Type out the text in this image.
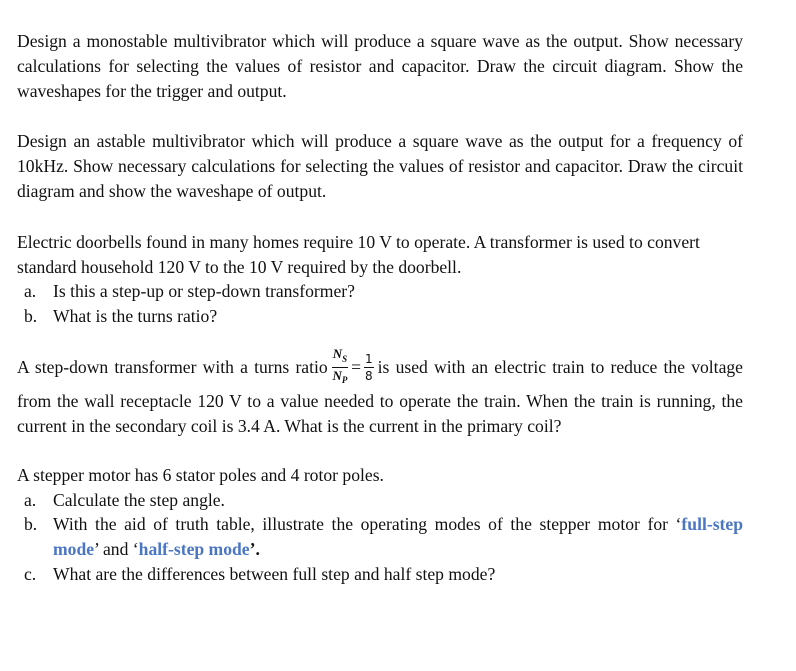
Design a monostable multivibrator which will produce a square wave as the output. Show necessary calculations for selecting the values of resistor and capacitor. Draw the circuit diagram. Show the waveshapes for the trigger and output.

Design an astable multivibrator which will produce a square wave as the output for a frequency of 10kHz. Show necessary calculations for selecting the values of resistor and capacitor. Draw the circuit diagram and show the waveshape of output.

Electric doorbells found in many homes require 10 V to operate. A transformer is used to convert standard household 120 V to the 10 V required by the doorbell.

a. Is this a step-up or step-down transformer?
b. What is the turns ratio?

A step-down transformer with a turns ratio $\frac{N_S}{N_P} = \frac{1}{8}$ is used with an electric train to reduce the voltage from the wall receptacle 120 V to a value needed to operate the train. When the train is running, the current in the secondary coil is 3.4 A. What is the current in the primary coil?

A stepper motor has 6 stator poles and 4 rotor poles.

a. Calculate the step angle.
b. With the aid of truth table, illustrate the operating modes of the stepper motor for ‘full-step mode’ and ‘half-step mode’.
c. What are the differences between full step and half step mode?
